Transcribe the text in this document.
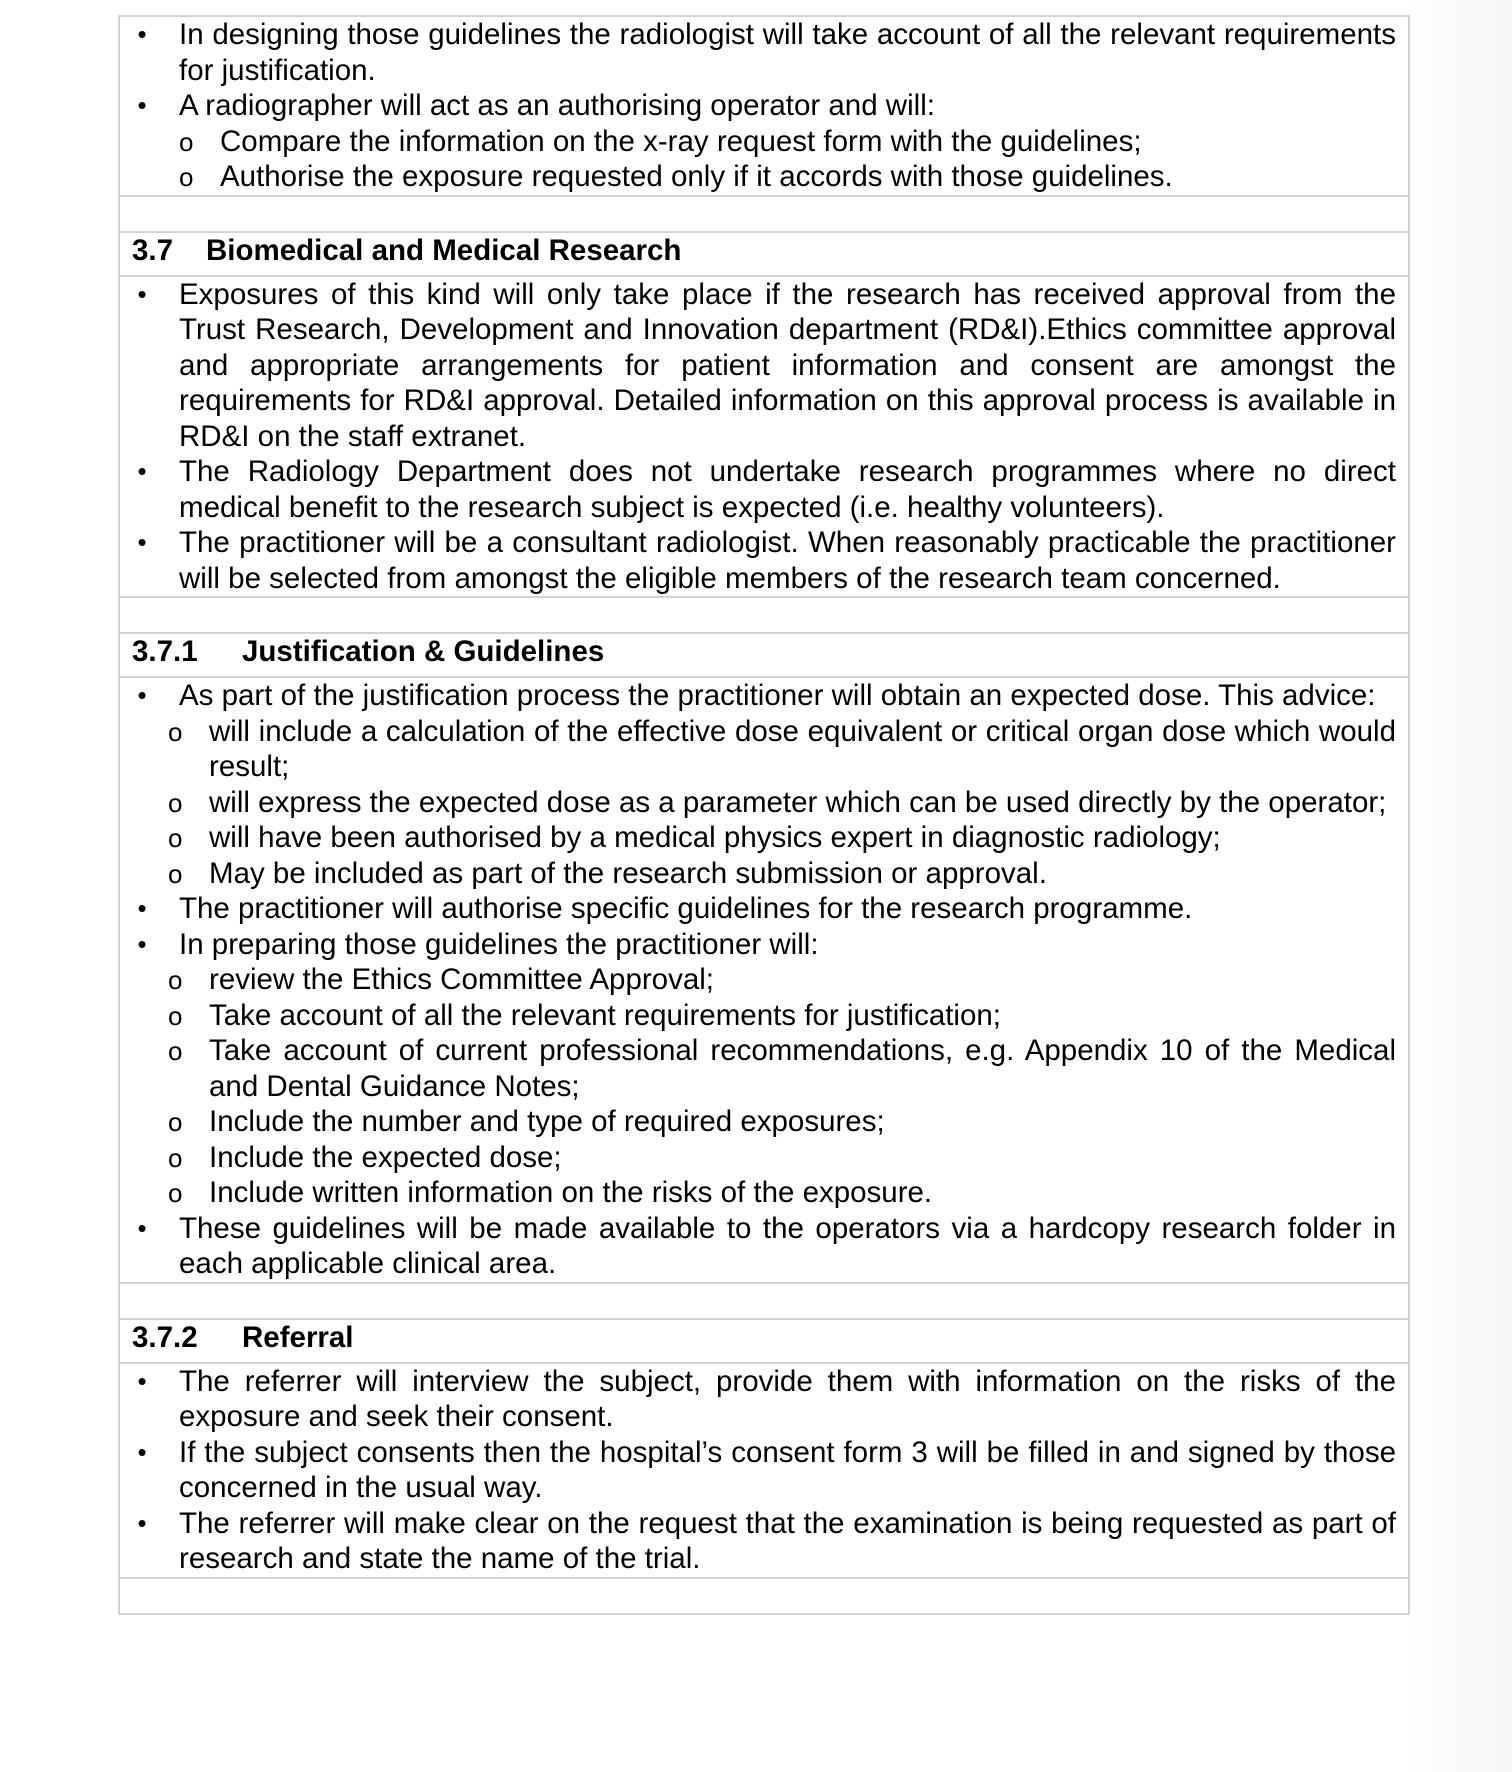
• In designing those guidelines the radiologist will take account of all the relevant requirements for justification.
• A radiographer will act as an authorising operator and will:
o Compare the information on the x-ray request form with the guidelines;
o Authorise the exposure requested only if it accords with those guidelines.

3.7 Biomedical and Medical Research

• Exposures of this kind will only take place if the research has received approval from the Trust Research, Development and Innovation department (RD&I).Ethics committee approval and appropriate arrangements for patient information and consent are amongst the requirements for RD&I approval. Detailed information on this approval process is available in RD&I on the staff extranet.
• The Radiology Department does not undertake research programmes where no direct medical benefit to the research subject is expected (i.e. healthy volunteers).
• The practitioner will be a consultant radiologist. When reasonably practicable the practitioner will be selected from amongst the eligible members of the research team concerned.

3.7.1 Justification & Guidelines

• As part of the justification process the practitioner will obtain an expected dose. This advice:
o will include a calculation of the effective dose equivalent or critical organ dose which would result;
o will express the expected dose as a parameter which can be used directly by the operator;
o will have been authorised by a medical physics expert in diagnostic radiology;
o May be included as part of the research submission or approval.
• The practitioner will authorise specific guidelines for the research programme.
• In preparing those guidelines the practitioner will:
o review the Ethics Committee Approval;
o Take account of all the relevant requirements for justification;
o Take account of current professional recommendations, e.g. Appendix 10 of the Medical and Dental Guidance Notes;
o Include the number and type of required exposures;
o Include the expected dose;
o Include written information on the risks of the exposure.
• These guidelines will be made available to the operators via a hardcopy research folder in each applicable clinical area.

3.7.2 Referral

• The referrer will interview the subject, provide them with information on the risks of the exposure and seek their consent.
• If the subject consents then the hospital’s consent form 3 will be filled in and signed by those concerned in the usual way.
• The referrer will make clear on the request that the examination is being requested as part of research and state the name of the trial.
